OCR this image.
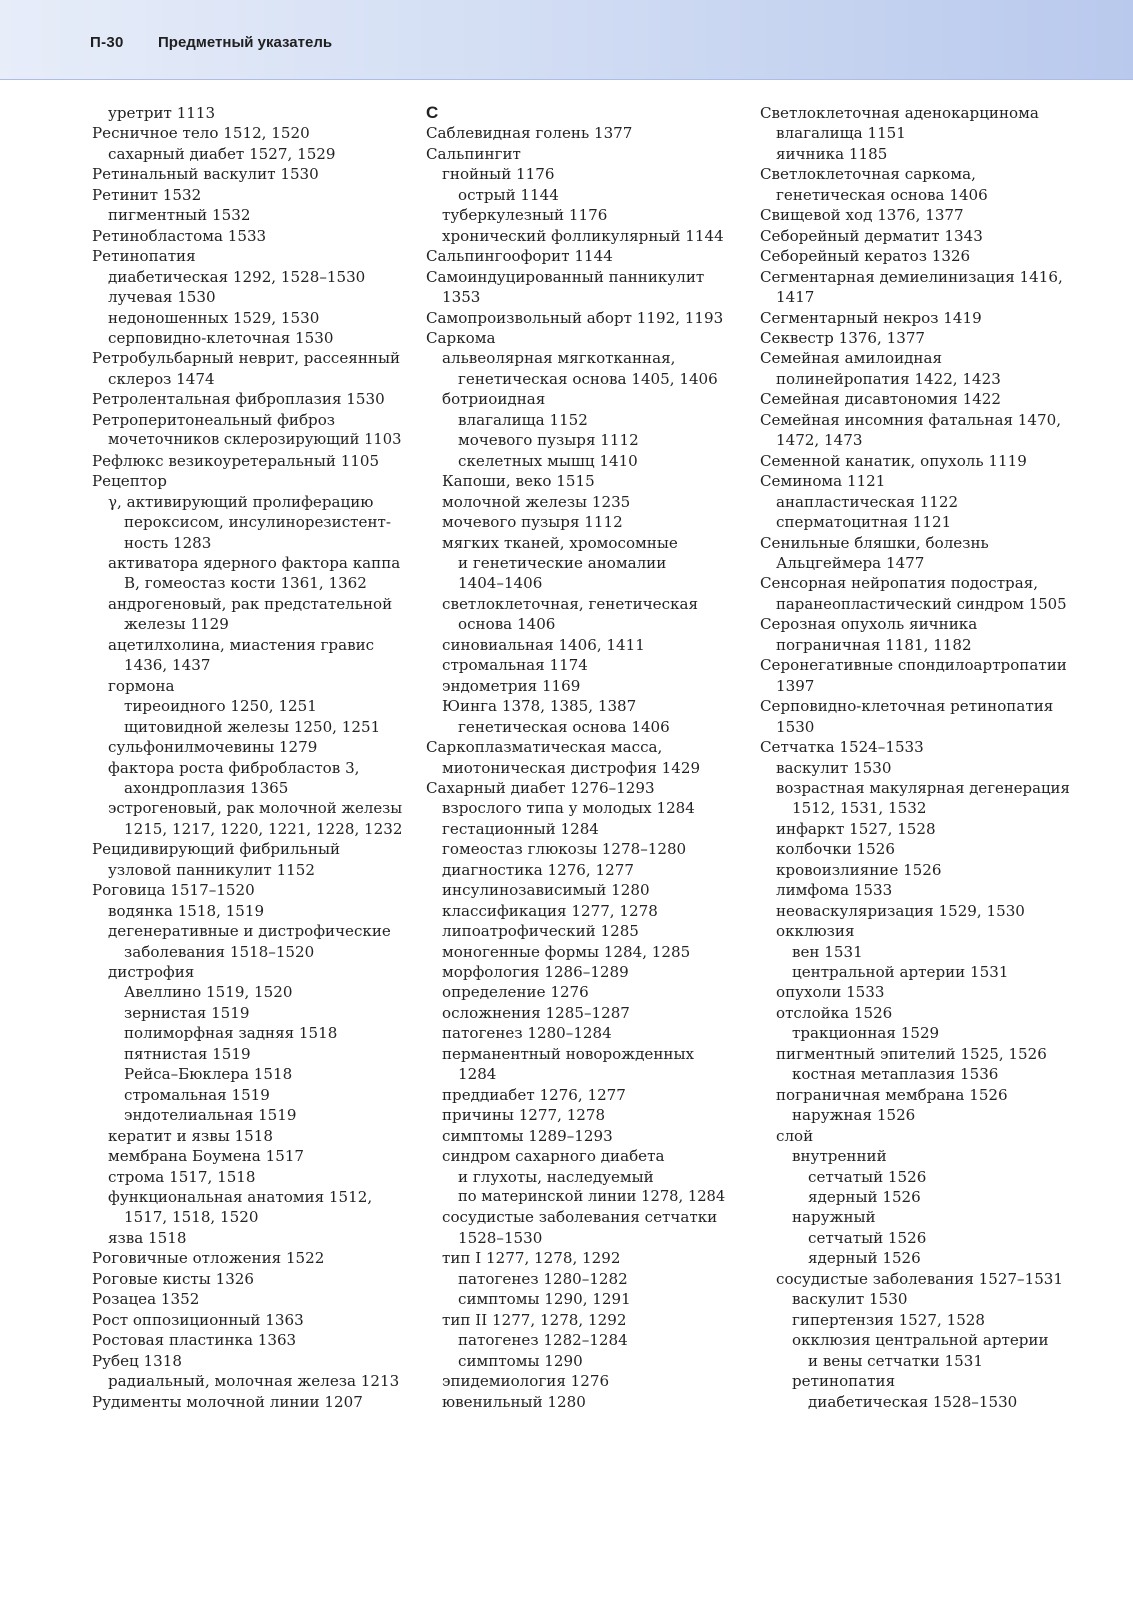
П-30 Предметный указатель
уретрит 1113
Ресничное тело 1512, 1520
сахарный диабет 1527, 1529
Ретинальный васкулит 1530
Ретинит 1532
пигментный 1532
Ретинобластома 1533
Ретинопатия
диабетическая 1292, 1528–1530
лучевая 1530
недоношенных 1529, 1530
серповидно-клеточная 1530
Ретробульбарный неврит, рассеянный
склероз 1474
Ретролентальная фиброплазия 1530
Ретроперитонеальный фиброз
мочеточников склерозирующий 1103
Рефлюкс везикоуретеральный 1105
Рецептор
γ, активирующий пролиферацию
пероксисом, инсулинорезистент-
ность 1283
активатора ядерного фактора каппа
B, гомеостаз кости 1361, 1362
андрогеновый, рак предстательной
железы 1129
ацетилхолина, миастения гравис
1436, 1437
гормона
тиреоидного 1250, 1251
щитовидной железы 1250, 1251
сульфонилмочевины 1279
фактора роста фибробластов 3,
ахондроплазия 1365
эстрогеновый, рак молочной железы
1215, 1217, 1220, 1221, 1228, 1232
Рецидивирующий фибрильный
узловой панникулит 1152
Роговица 1517–1520
водянка 1518, 1519
дегенеративные и дистрофические
заболевания 1518–1520
дистрофия
Авеллино 1519, 1520
зернистая 1519
полиморфная задняя 1518
пятнистая 1519
Рейса–Бюклера 1518
стромальная 1519
эндотелиальная 1519
кератит и язвы 1518
мембрана Боумена 1517
строма 1517, 1518
функциональная анатомия 1512,
1517, 1518, 1520
язва 1518
Роговичные отложения 1522
Роговые кисты 1326
Розацеа 1352
Рост оппозиционный 1363
Ростовая пластинка 1363
Рубец 1318
радиальный, молочная железа 1213
Рудименты молочной линии 1207
С
Саблевидная голень 1377
Сальпингит
гнойный 1176
острый 1144
туберкулезный 1176
хронический фолликулярный 1144
Сальпингоофорит 1144
Самоиндуцированный панникулит
1353
Самопроизвольный аборт 1192, 1193
Саркома
альвеолярная мягкотканная,
генетическая основа 1405, 1406
ботриоидная
влагалища 1152
мочевого пузыря 1112
скелетных мышц 1410
Капоши, веко 1515
молочной железы 1235
мочевого пузыря 1112
мягких тканей, хромосомные
и генетические аномалии
1404–1406
светлоклеточная, генетическая
основа 1406
синовиальная 1406, 1411
стромальная 1174
эндометрия 1169
Юинга 1378, 1385, 1387
генетическая основа 1406
Саркоплазматическая масса,
миотоническая дистрофия 1429
Сахарный диабет 1276–1293
взрослого типа у молодых 1284
гестационный 1284
гомеостаз глюкозы 1278–1280
диагностика 1276, 1277
инсулинозависимый 1280
классификация 1277, 1278
липоатрофический 1285
моногенные формы 1284, 1285
морфология 1286–1289
определение 1276
осложнения 1285–1287
патогенез 1280–1284
перманентный новорожденных
1284
преддиабет 1276, 1277
причины 1277, 1278
симптомы 1289–1293
синдром сахарного диабета
и глухоты, наследуемый
по материнской линии 1278, 1284
сосудистые заболевания сетчатки
1528–1530
тип I 1277, 1278, 1292
патогенез 1280–1282
симптомы 1290, 1291
тип II 1277, 1278, 1292
патогенез 1282–1284
симптомы 1290
эпидемиология 1276
ювенильный 1280
Светлоклеточная аденокарцинома
влагалища 1151
яичника 1185
Светлоклеточная саркома,
генетическая основа 1406
Свищевой ход 1376, 1377
Себорейный дерматит 1343
Себорейный кератоз 1326
Сегментарная демиелинизация 1416,
1417
Сегментарный некроз 1419
Секвестр 1376, 1377
Семейная амилоидная
полинейропатия 1422, 1423
Семейная дисавтономия 1422
Семейная инсомния фатальная 1470,
1472, 1473
Семенной канатик, опухоль 1119
Семинома 1121
анапластическая 1122
сперматоцитная 1121
Сенильные бляшки, болезнь
Альцгеймера 1477
Сенсорная нейропатия подострая,
паранеопластический синдром 1505
Серозная опухоль яичника
пограничная 1181, 1182
Серонегативные спондилоартропатии
1397
Серповидно-клеточная ретинопатия
1530
Сетчатка 1524–1533
васкулит 1530
возрастная макулярная дегенерация
1512, 1531, 1532
инфаркт 1527, 1528
колбочки 1526
кровоизлияние 1526
лимфома 1533
неоваскуляризация 1529, 1530
окклюзия
вен 1531
центральной артерии 1531
опухоли 1533
отслойка 1526
тракционная 1529
пигментный эпителий 1525, 1526
костная метаплазия 1536
пограничная мембрана 1526
наружная 1526
слой
внутренний
сетчатый 1526
ядерный 1526
наружный
сетчатый 1526
ядерный 1526
сосудистые заболевания 1527–1531
васкулит 1530
гипертензия 1527, 1528
окклюзия центральной артерии
и вены сетчатки 1531
ретинопатия
диабетическая 1528–1530
